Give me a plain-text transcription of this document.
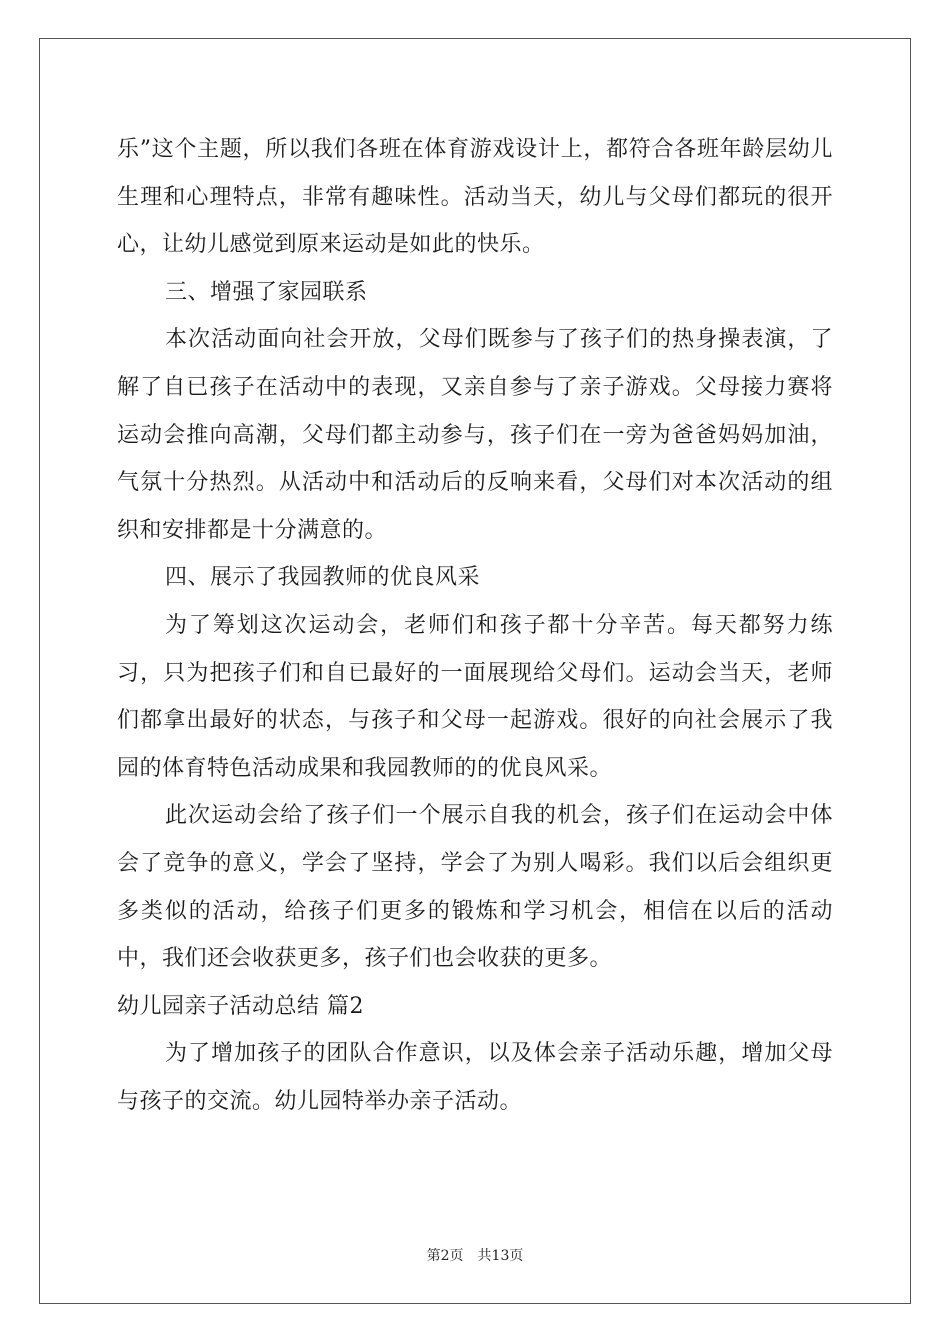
乐”这个主题，所以我们各班在体育游戏设计上，都符合各班年龄层幼儿生理和心理特点，非常有趣味性。活动当天，幼儿与父母们都玩的很开心，让幼儿感觉到原来运动是如此的快乐。

三、增强了家园联系

本次活动面向社会开放，父母们既参与了孩子们的热身操表演，了解了自已孩子在活动中的表现，又亲自参与了亲子游戏。父母接力赛将运动会推向高潮，父母们都主动参与，孩子们在一旁为爸爸妈妈加油，气氛十分热烈。从活动中和活动后的反响来看，父母们对本次活动的组织和安排都是十分满意的。

四、展示了我园教师的优良风采

为了筹划这次运动会，老师们和孩子都十分辛苦。每天都努力练习，只为把孩子们和自已最好的一面展现给父母们。运动会当天，老师们都拿出最好的状态，与孩子和父母一起游戏。很好的向社会展示了我园的体育特色活动成果和我园教师的的优良风采。

此次运动会给了孩子们一个展示自我的机会，孩子们在运动会中体会了竞争的意义，学会了坚持，学会了为别人喝彩。我们以后会组织更多类似的活动，给孩子们更多的锻炼和学习机会，相信在以后的活动中，我们还会收获更多，孩子们也会收获的更多。

幼儿园亲子活动总结 篇2

为了增加孩子的团队合作意识，以及体会亲子活动乐趣，增加父母与孩子的交流。幼儿园特举办亲子活动。

第2页 共13页
